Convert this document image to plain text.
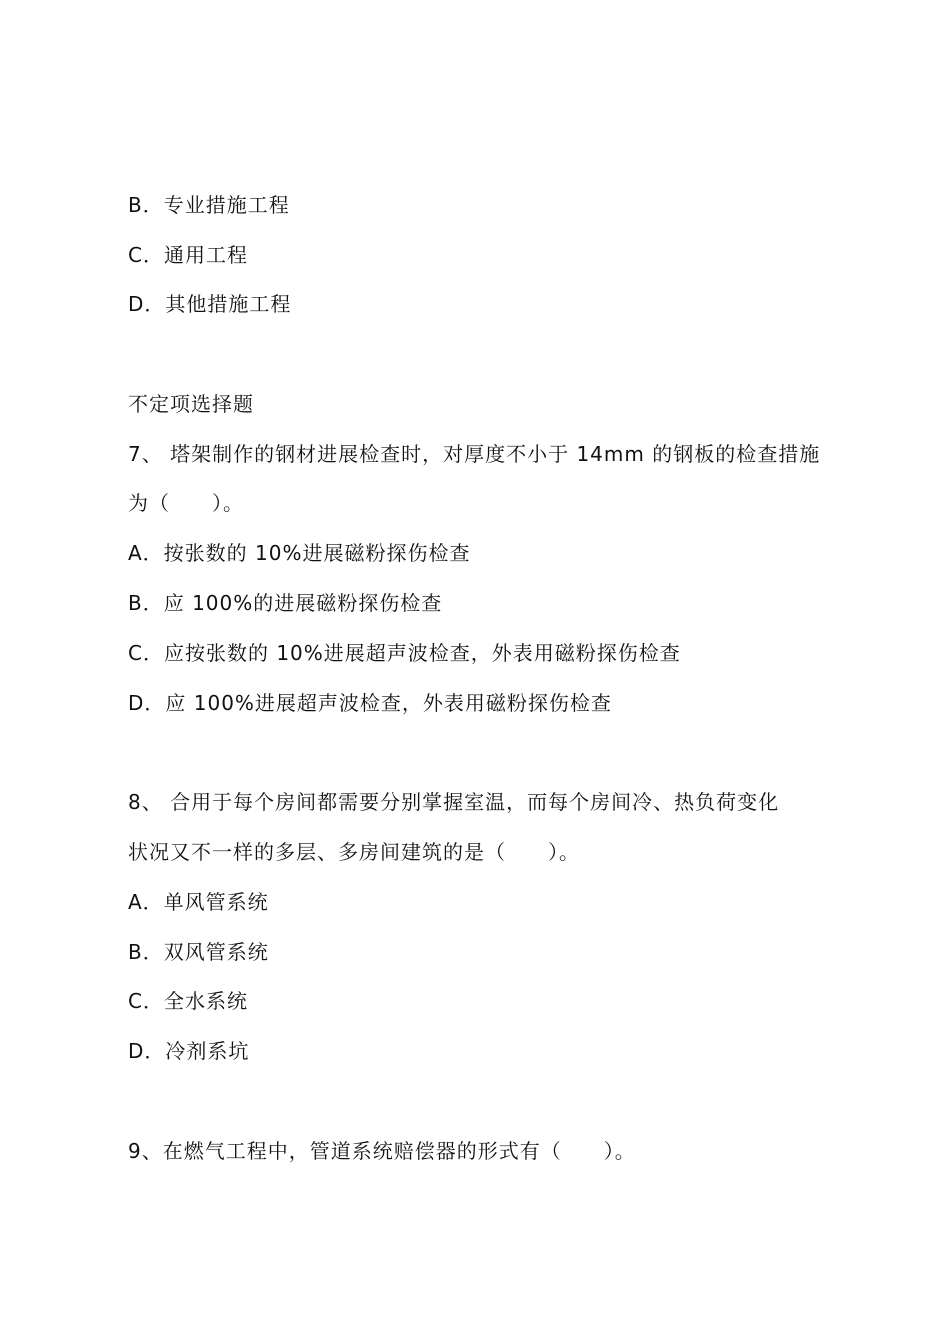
B．专业措施工程
C．通用工程
D．其他措施工程
不定项选择题
7、 塔架制作的钢材进展检查时，对厚度不小于 14mm 的钢板的检查措施
为（　　）。
A．按张数的 10%进展磁粉探伤检查
B．应 100%的进展磁粉探伤检查
C．应按张数的 10%进展超声波检查，外表用磁粉探伤检查
D．应 100%进展超声波检查，外表用磁粉探伤检查
8、 合用于每个房间都需要分别掌握室温，而每个房间冷、热负荷变化
状况又不一样的多层、多房间建筑的是（　　）。
A．单风管系统
B．双风管系统
C．全水系统
D．冷剂系坑
9、在燃气工程中，管道系统赔偿器的形式有（　　）。
